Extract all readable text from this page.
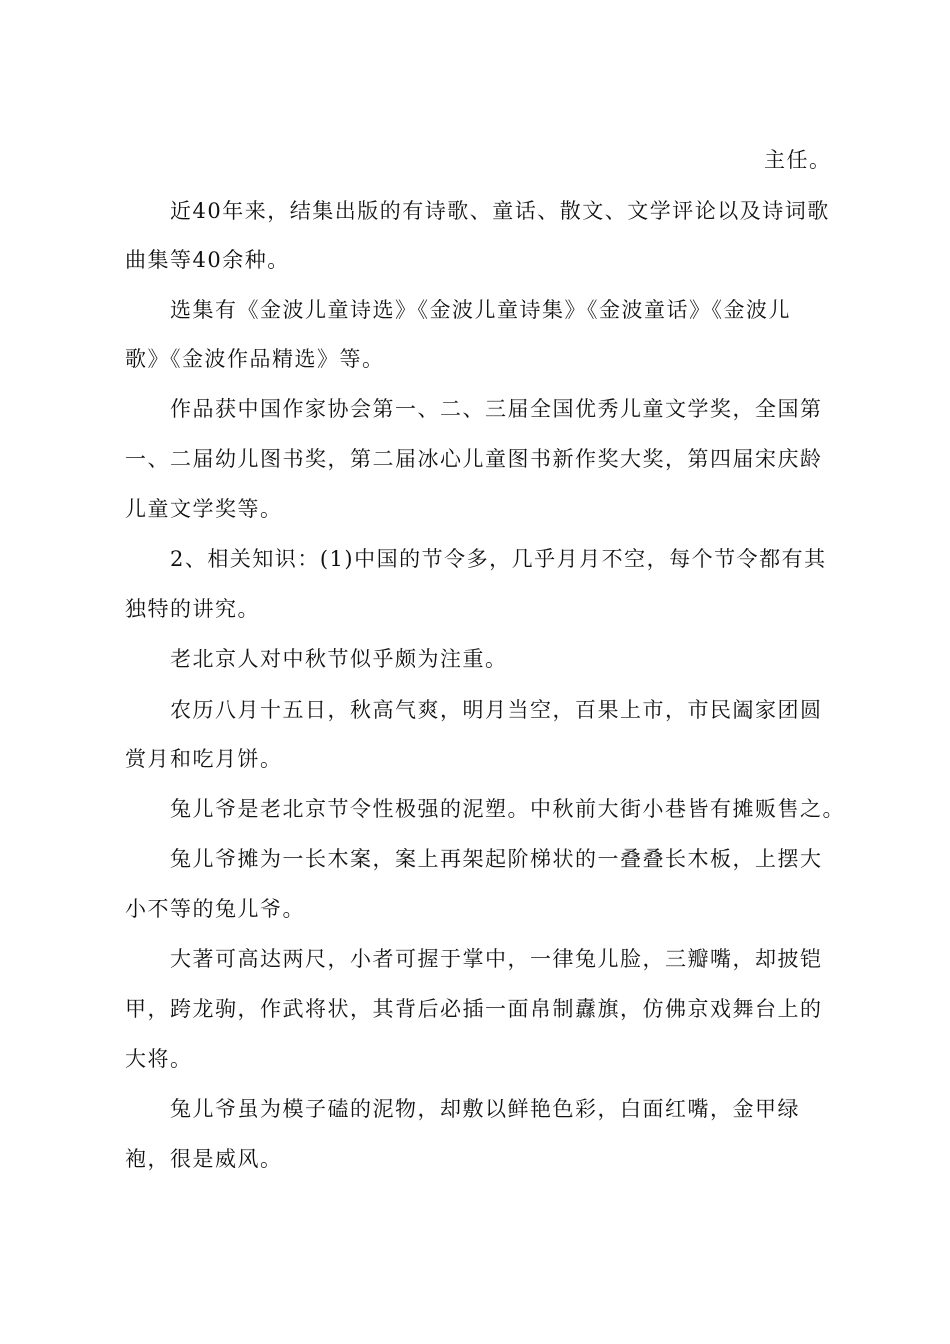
主任。
近40年来，结集出版的有诗歌、童话、散文、文学评论以及诗词歌
曲集等40余种。
选集有《金波儿童诗选》《金波儿童诗集》《金波童话》《金波儿
歌》《金波作品精选》等。
作品获中国作家协会第一、二、三届全国优秀儿童文学奖，全国第
一、二届幼儿图书奖，第二届冰心儿童图书新作奖大奖，第四届宋庆龄
儿童文学奖等。
2、相关知识：(1)中国的节令多，几乎月月不空，每个节令都有其
独特的讲究。
老北京人对中秋节似乎颇为注重。
农历八月十五日，秋高气爽，明月当空，百果上市，市民阖家团圆
赏月和吃月饼。
兔儿爷是老北京节令性极强的泥塑。中秋前大街小巷皆有摊贩售之。
兔儿爷摊为一长木案，案上再架起阶梯状的一叠叠长木板，上摆大
小不等的兔儿爷。
大著可高达两尺，小者可握于掌中，一律兔儿脸，三瓣嘴，却披铠
甲，跨龙驹，作武将状，其背后必插一面帛制纛旗，仿佛京戏舞台上的
大将。
兔儿爷虽为模子磕的泥物，却敷以鲜艳色彩，白面红嘴，金甲绿
袍，很是威风。
